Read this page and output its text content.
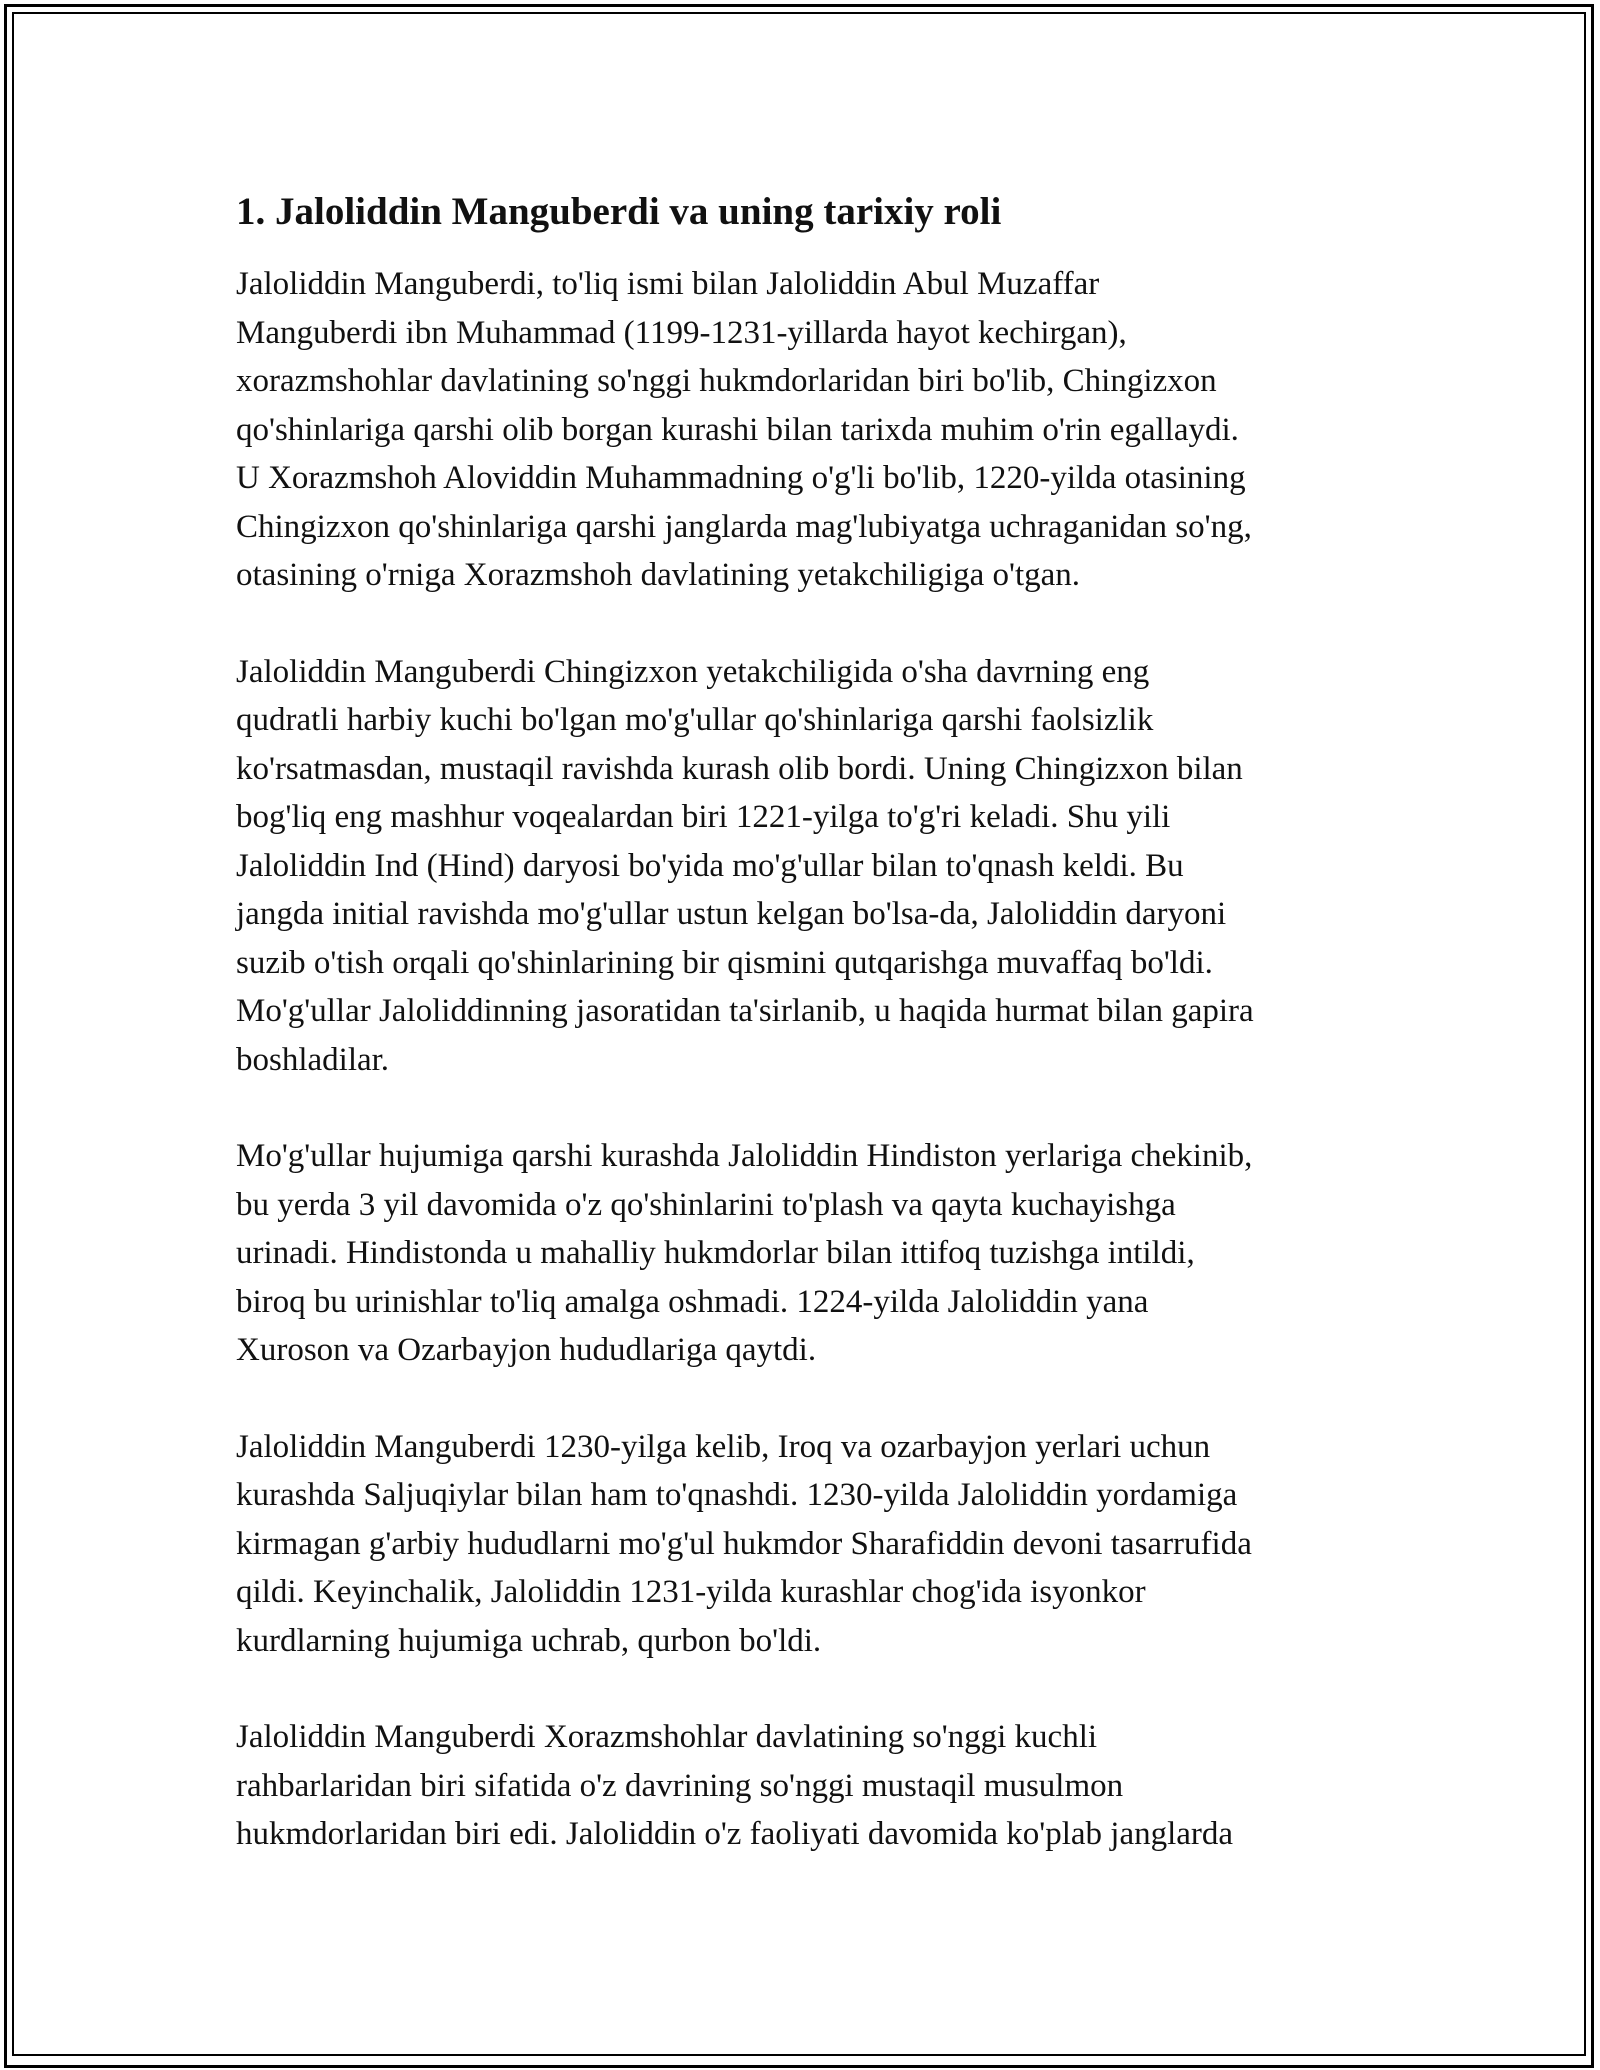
1. Jaloliddin Manguberdi va uning tarixiy roli

Jaloliddin Manguberdi, to'liq ismi bilan Jaloliddin Abul Muzaffar
Manguberdi ibn Muhammad (1199-1231-yillarda hayot kechirgan),
xorazmshohlar davlatining so'nggi hukmdorlaridan biri bo'lib, Chingizxon
qo'shinlariga qarshi olib borgan kurashi bilan tarixda muhim o'rin egallaydi.
U Xorazmshoh Aloviddin Muhammadning o'g'li bo'lib, 1220-yilda otasining
Chingizxon qo'shinlariga qarshi janglarda mag'lubiyatga uchraganidan so'ng,
otasining o'rniga Xorazmshoh davlatining yetakchiligiga o'tgan.

Jaloliddin Manguberdi Chingizxon yetakchiligida o'sha davrning eng
qudratli harbiy kuchi bo'lgan mo'g'ullar qo'shinlariga qarshi faolsizlik
ko'rsatmasdan, mustaqil ravishda kurash olib bordi. Uning Chingizxon bilan
bog'liq eng mashhur voqealardan biri 1221-yilga to'g'ri keladi. Shu yili
Jaloliddin Ind (Hind) daryosi bo'yida mo'g'ullar bilan to'qnash keldi. Bu
jangda initial ravishda mo'g'ullar ustun kelgan bo'lsa-da, Jaloliddin daryoni
suzib o'tish orqali qo'shinlarining bir qismini qutqarishga muvaffaq bo'ldi.
Mo'g'ullar Jaloliddinning jasoratidan ta'sirlanib, u haqida hurmat bilan gapira
boshladilar.

Mo'g'ullar hujumiga qarshi kurashda Jaloliddin Hindiston yerlariga chekinib,
bu yerda 3 yil davomida o'z qo'shinlarini to'plash va qayta kuchayishga
urinadi. Hindistonda u mahalliy hukmdorlar bilan ittifoq tuzishga intildi,
biroq bu urinishlar to'liq amalga oshmadi. 1224-yilda Jaloliddin yana
Xuroson va Ozarbayjon hududlariga qaytdi.

Jaloliddin Manguberdi 1230-yilga kelib, Iroq va ozarbayjon yerlari uchun
kurashda Saljuqiylar bilan ham to'qnashdi. 1230-yilda Jaloliddin yordamiga
kirmagan g'arbiy hududlarni mo'g'ul hukmdor Sharafiddin devoni tasarrufida
qildi. Keyinchalik, Jaloliddin 1231-yilda kurashlar chog'ida isyonkor
kurdlarning hujumiga uchrab, qurbon bo'ldi.

Jaloliddin Manguberdi Xorazmshohlar davlatining so'nggi kuchli
rahbarlaridan biri sifatida o'z davrining so'nggi mustaqil musulmon
hukmdorlaridan biri edi. Jaloliddin o'z faoliyati davomida ko'plab janglarda
